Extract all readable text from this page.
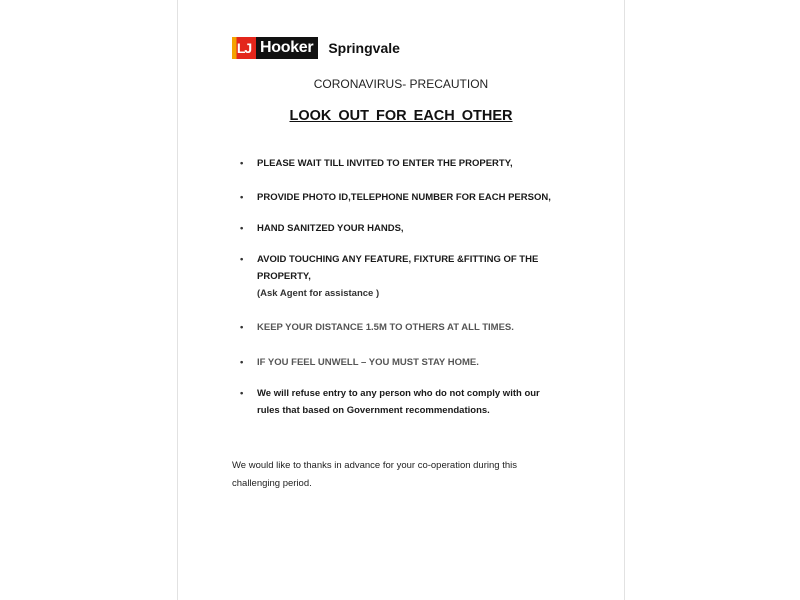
LJ Hooker	Springvale
CORONAVIRUS- PRECAUTION
LOOK OUT FOR EACH OTHER
•	PLEASE WAIT TILL INVITED TO ENTER THE PROPERTY,
•	PROVIDE PHOTO ID,TELEPHONE NUMBER FOR EACH PERSON,
•	HAND SANITZED YOUR HANDS,
•	AVOID TOUCHING ANY FEATURE, FIXTURE &FITTING OF THE PROPERTY,
(Ask Agent for assistance )
•	KEEP YOUR DISTANCE 1.5M TO OTHERS AT ALL TIMES.
•	IF YOU FEEL UNWELL – YOU MUST STAY HOME.
•	We will refuse entry to any person who do not comply with our rules that based on Government recommendations.
We would like to thanks in advance for your co-operation during this challenging period.
